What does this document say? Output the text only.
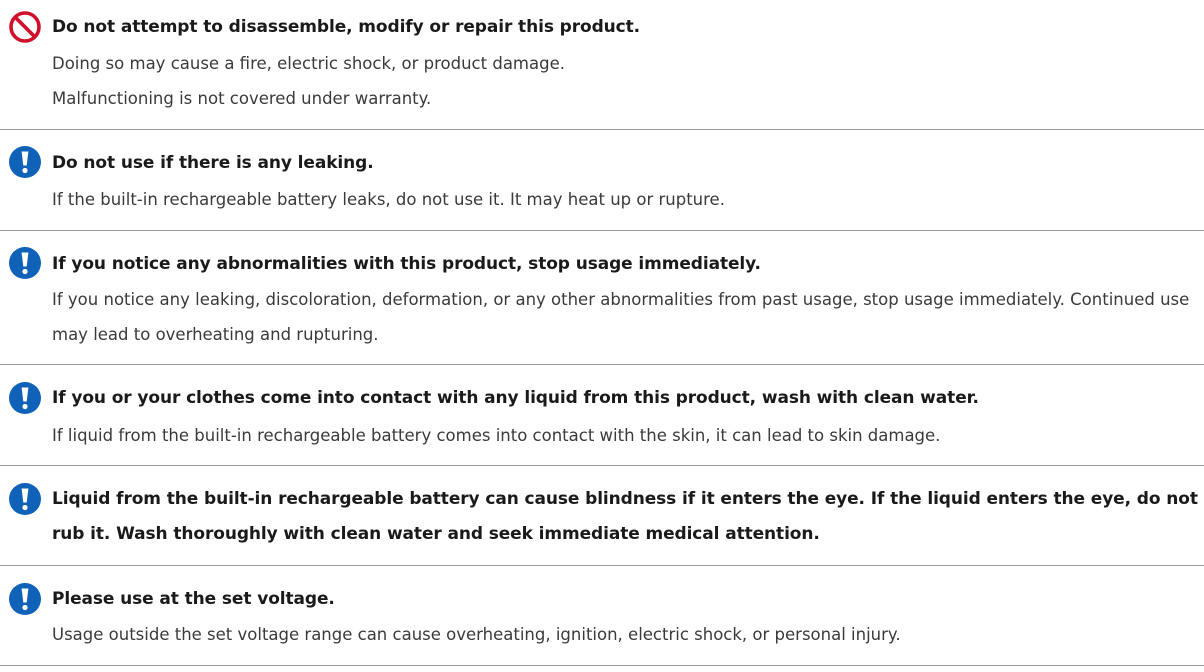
Do not attempt to disassemble, modify or repair this product.

Doing so may cause a fire, electric shock, or product damage.

Malfunctioning is not covered under warranty.

Do not use if there is any leaking.

If the built-in rechargeable battery leaks, do not use it. It may heat up or rupture.

If you notice any abnormalities with this product, stop usage immediately.

If you notice any leaking, discoloration, deformation, or any other abnormalities from past usage, stop usage immediately. Continued use may lead to overheating and rupturing.

If you or your clothes come into contact with any liquid from this product, wash with clean water.

If liquid from the built-in rechargeable battery comes into contact with the skin, it can lead to skin damage.

Liquid from the built-in rechargeable battery can cause blindness if it enters the eye. If the liquid enters the eye, do not rub it. Wash thoroughly with clean water and seek immediate medical attention.

Please use at the set voltage.

Usage outside the set voltage range can cause overheating, ignition, electric shock, or personal injury.
